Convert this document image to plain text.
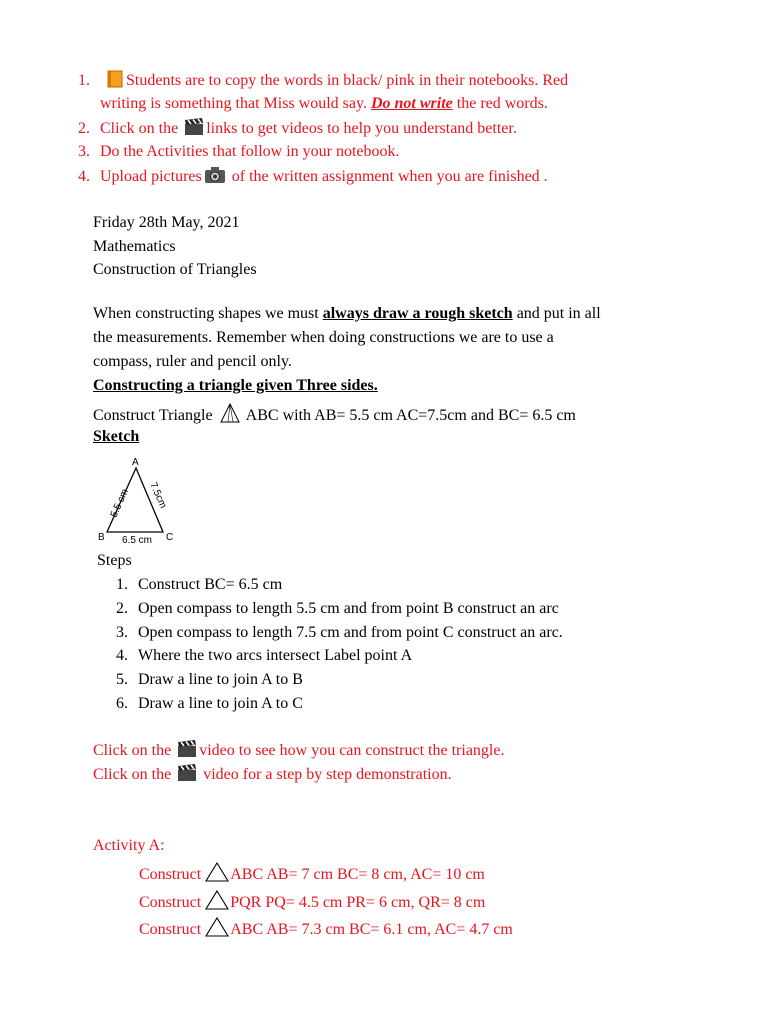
1. Students are to copy the words in black/ pink in their notebooks. Red
writing is something that Miss would say. Do not write the red words.
2. Click on the links to get videos to help you understand better.
3. Do the Activities that follow in your notebook.
4. Upload pictures of the written assignment when you are finished .
Friday 28th May, 2021
Mathematics
Construction of Triangles
When constructing shapes we must always draw a rough sketch and put in all
the measurements. Remember when doing constructions we are to use a
compass, ruler and pencil only.
Constructing a triangle given Three sides.
Construct Triangle  ABC with AB= 5.5 cm AC=7.5cm and BC= 6.5 cm
Sketch
A
B	C
5.5 cm 7.5cm
6.5 cm
Steps
1. Construct BC= 6.5 cm
2. Open compass to length 5.5 cm and from point B construct an arc
3. Open compass to length 7.5 cm and from point C construct an arc.
4. Where the two arcs intersect Label point A
5. Draw a line to join A to B
6. Draw a line to join A to C
Click on the video to see how you can construct the triangle.
Click on the  video for a step by step demonstration.
Activity A:
Construct ABC AB= 7 cm BC= 8 cm, AC= 10 cm
Construct PQR PQ= 4.5 cm PR= 6 cm, QR= 8 cm
Construct ABC AB= 7.3 cm BC= 6.1 cm, AC= 4.7 cm
